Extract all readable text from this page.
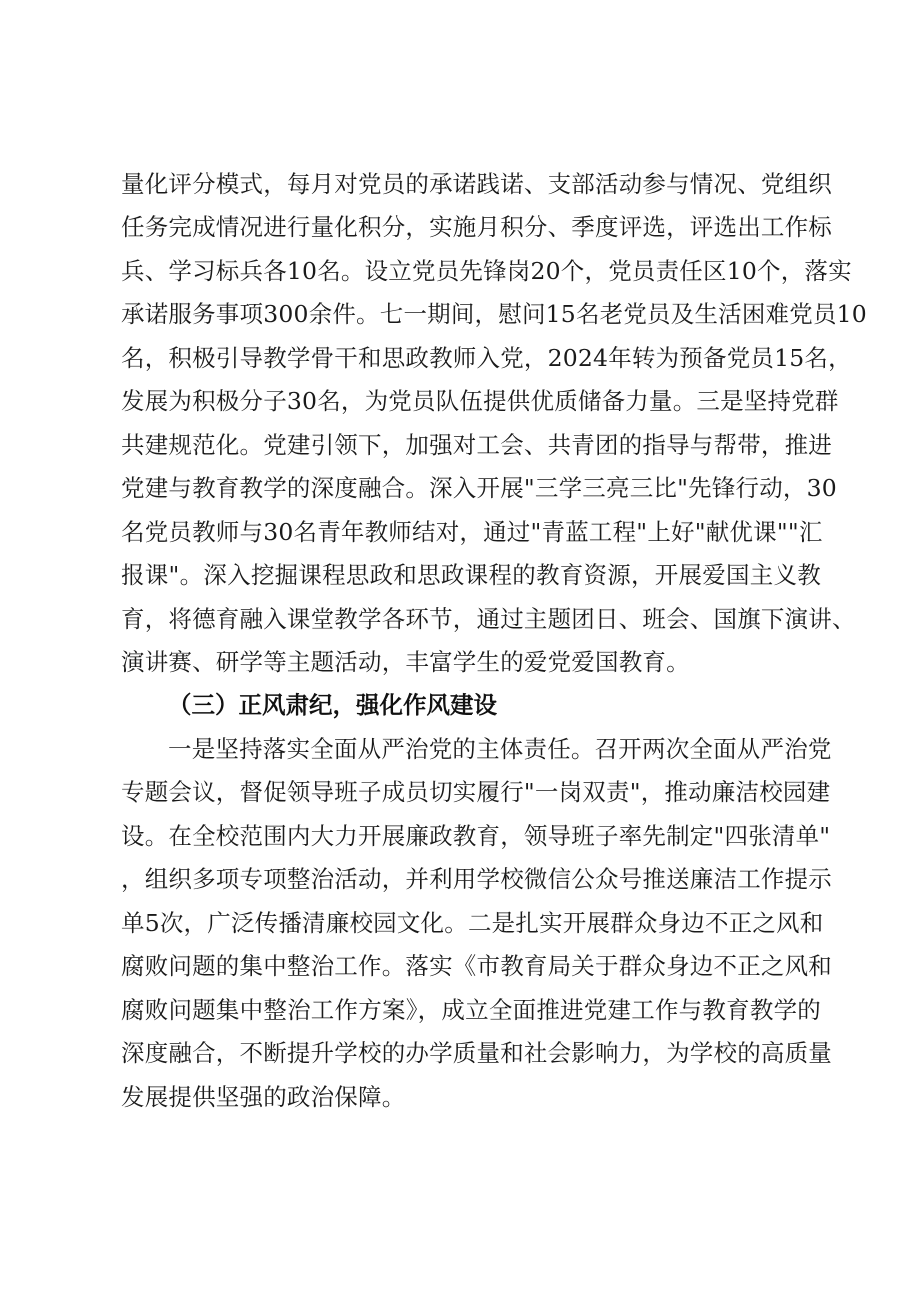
量化评分模式，每月对党员的承诺践诺、支部活动参与情况、党组织
任务完成情况进行量化积分，实施月积分、季度评选，评选出工作标
兵、学习标兵各10名。设立党员先锋岗20个，党员责任区10个，落实
承诺服务事项300余件。七一期间，慰问15名老党员及生活困难党员10
名，积极引导教学骨干和思政教师入党，2024年转为预备党员15名，
发展为积极分子30名，为党员队伍提供优质储备力量。三是坚持党群
共建规范化。党建引领下，加强对工会、共青团的指导与帮带，推进
党建与教育教学的深度融合。深入开展"三学三亮三比"先锋行动，30
名党员教师与30名青年教师结对，通过"青蓝工程"上好"献优课""汇
报课"。深入挖掘课程思政和思政课程的教育资源，开展爱国主义教
育，将德育融入课堂教学各环节，通过主题团日、班会、国旗下演讲、
演讲赛、研学等主题活动，丰富学生的爱党爱国教育。
（三）正风肃纪，强化作风建设
一是坚持落实全面从严治党的主体责任。召开两次全面从严治党
专题会议，督促领导班子成员切实履行"一岗双责"，推动廉洁校园建
设。在全校范围内大力开展廉政教育，领导班子率先制定"四张清单"
，组织多项专项整治活动，并利用学校微信公众号推送廉洁工作提示
单5次，广泛传播清廉校园文化。二是扎实开展群众身边不正之风和
腐败问题的集中整治工作。落实《市教育局关于群众身边不正之风和
腐败问题集中整治工作方案》，成立全面推进党建工作与教育教学的
深度融合，不断提升学校的办学质量和社会影响力，为学校的高质量
发展提供坚强的政治保障。
